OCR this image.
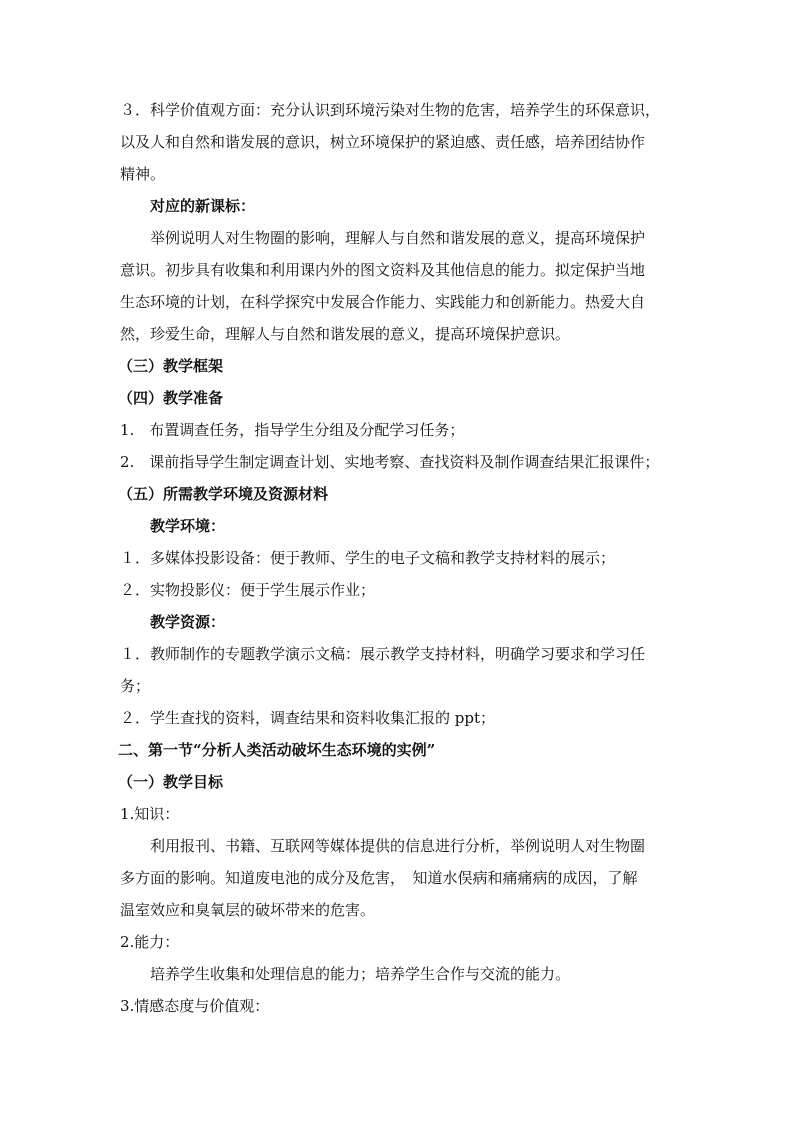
３．科学价值观方面：充分认识到环境污染对生物的危害，培养学生的环保意识，
以及人和自然和谐发展的意识，树立环境保护的紧迫感、责任感，培养团结协作
精神。
对应的新课标：
举例说明人对生物圈的影响，理解人与自然和谐发展的意义，提高环境保护
意识。初步具有收集和利用课内外的图文资料及其他信息的能力。拟定保护当地
生态环境的计划，在科学探究中发展合作能力、实践能力和创新能力。热爱大自
然，珍爱生命，理解人与自然和谐发展的意义，提高环境保护意识。
（三）教学框架
（四）教学准备
1.　布置调查任务，指导学生分组及分配学习任务；
2.　课前指导学生制定调查计划、实地考察、查找资料及制作调查结果汇报课件；
（五）所需教学环境及资源材料
教学环境：
１．多媒体投影设备：便于教师、学生的电子文稿和教学支持材料的展示；
２．实物投影仪：便于学生展示作业；
教学资源：
１．教师制作的专题教学演示文稿：展示教学支持材料，明确学习要求和学习任
务；
２．学生查找的资料，调查结果和资料收集汇报的 ppt；
二、第一节“分析人类活动破坏生态环境的实例”
（一）教学目标
1.知识：
利用报刊、书籍、互联网等媒体提供的信息进行分析，举例说明人对生物圈
多方面的影响。知道废电池的成分及危害，　知道水俣病和痛痛病的成因，了解
温室效应和臭氧层的破坏带来的危害。
2.能力：
培养学生收集和处理信息的能力；培养学生合作与交流的能力。
3.情感态度与价值观：
